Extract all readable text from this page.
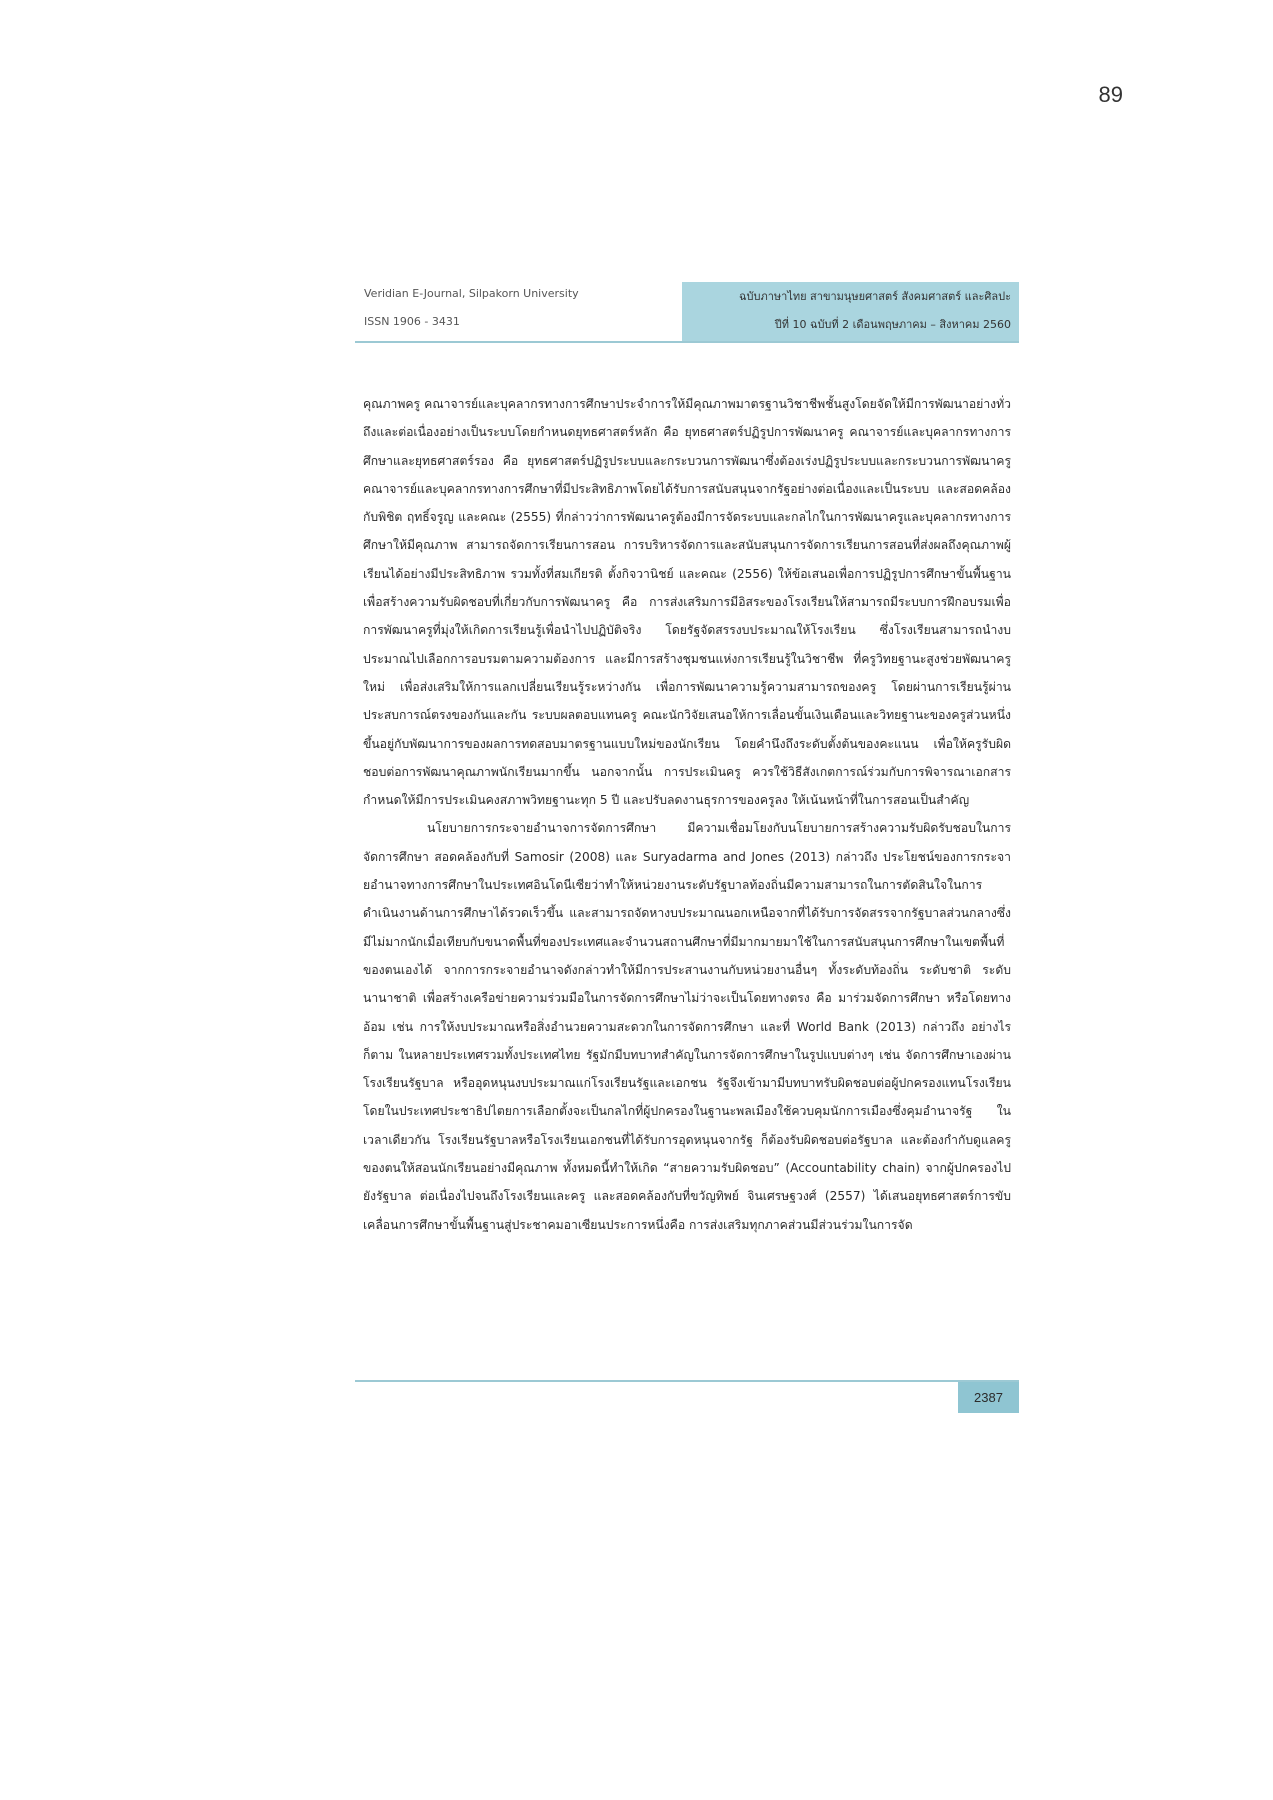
89
Veridian E-Journal, Silpakorn University
ISSN 1906 - 3431
ฉบับภาษาไทย สาขามนุษยศาสตร์ สังคมศาสตร์ และศิลปะ
ปีที่ 10 ฉบับที่ 2 เดือนพฤษภาคม – สิงหาคม 2560

คุณภาพครู คณาจารย์และบุคลากรทางการศึกษาประจำการให้มีคุณภาพมาตรฐานวิชาชีพชั้นสูงโดยจัดให้มีการพัฒนาอย่างทั่วถึงและต่อเนื่องอย่างเป็นระบบโดยกำหนดยุทธศาสตร์หลัก คือ ยุทธศาสตร์ปฏิรูปการพัฒนาครู คณาจารย์และบุคลากรทางการศึกษาและยุทธศาสตร์รอง คือ ยุทธศาสตร์ปฏิรูประบบและกระบวนการพัฒนาซึ่งต้องเร่งปฏิรูประบบและกระบวนการพัฒนาครู คณาจารย์และบุคลากรทางการศึกษาที่มีประสิทธิภาพโดยได้รับการสนับสนุนจากรัฐอย่างต่อเนื่องและเป็นระบบ และสอดคล้องกับพิชิต ฤทธิ์จรูญ และคณะ (2555) ที่กล่าวว่าการพัฒนาครูต้องมีการจัดระบบและกลไกในการพัฒนาครูและบุคลากรทางการศึกษาให้มีคุณภาพ สามารถจัดการเรียนการสอน การบริหารจัดการและสนับสนุนการจัดการเรียนการสอนที่ส่งผลถึงคุณภาพผู้เรียนได้อย่างมีประสิทธิภาพ รวมทั้งที่สมเกียรติ ตั้งกิจวานิชย์ และคณะ (2556) ให้ข้อเสนอเพื่อการปฏิรูปการศึกษาขั้นพื้นฐานเพื่อสร้างความรับผิดชอบที่เกี่ยวกับการพัฒนาครู คือ การส่งเสริมการมีอิสระของโรงเรียนให้สามารถมีระบบการฝึกอบรมเพื่อการพัฒนาครูที่มุ่งให้เกิดการเรียนรู้เพื่อนำไปปฏิบัติจริง โดยรัฐจัดสรรงบประมาณให้โรงเรียน ซึ่งโรงเรียนสามารถนำงบประมาณไปเลือกการอบรมตามความต้องการ และมีการสร้างชุมชนแห่งการเรียนรู้ในวิชาชีพ ที่ครูวิทยฐานะสูงช่วยพัฒนาครูใหม่ เพื่อส่งเสริมให้การแลกเปลี่ยนเรียนรู้ระหว่างกัน เพื่อการพัฒนาความรู้ความสามารถของครู โดยผ่านการเรียนรู้ผ่านประสบการณ์ตรงของกันและกัน ระบบผลตอบแทนครู คณะนักวิจัยเสนอให้การเลื่อนขั้นเงินเดือนและวิทยฐานะของครูส่วนหนึ่งขึ้นอยู่กับพัฒนาการของผลการทดสอบมาตรฐานแบบใหม่ของนักเรียน โดยคำนึงถึงระดับตั้งต้นของคะแนน เพื่อให้ครูรับผิดชอบต่อการพัฒนาคุณภาพนักเรียนมากขึ้น นอกจากนั้น การประเมินครู ควรใช้วิธีสังเกตการณ์ร่วมกับการพิจารณาเอกสาร กำหนดให้มีการประเมินคงสภาพวิทยฐานะทุก 5 ปี และปรับลดงานธุรการของครูลง ให้เน้นหน้าที่ในการสอนเป็นสำคัญ

นโยบายการกระจายอำนาจการจัดการศึกษา มีความเชื่อมโยงกับนโยบายการสร้างความรับผิดรับชอบในการจัดการศึกษา สอดคล้องกับที่ Samosir (2008) และ Suryadarma and Jones (2013) กล่าวถึง ประโยชน์ของการกระจายอำนาจทางการศึกษาในประเทศอินโดนีเซียว่าทำให้หน่วยงานระดับรัฐบาลท้องถิ่นมีความสามารถในการตัดสินใจในการดำเนินงานด้านการศึกษาได้รวดเร็วขึ้น และสามารถจัดหางบประมาณนอกเหนือจากที่ได้รับการจัดสรรจากรัฐบาลส่วนกลางซึ่งมีไม่มากนักเมื่อเทียบกับขนาดพื้นที่ของประเทศและจำนวนสถานศึกษาที่มีมากมายมาใช้ในการสนับสนุนการศึกษาในเขตพื้นที่ของตนเองได้ จากการกระจายอำนาจดังกล่าวทำให้มีการประสานงานกับหน่วยงานอื่นๆ ทั้งระดับท้องถิ่น ระดับชาติ ระดับนานาชาติ เพื่อสร้างเครือข่ายความร่วมมือในการจัดการศึกษาไม่ว่าจะเป็นโดยทางตรง คือ มาร่วมจัดการศึกษา หรือโดยทางอ้อม เช่น การให้งบประมาณหรือสิ่งอำนวยความสะดวกในการจัดการศึกษา และที่ World Bank (2013) กล่าวถึง อย่างไรก็ตาม ในหลายประเทศรวมทั้งประเทศไทย รัฐมักมีบทบาทสำคัญในการจัดการศึกษาในรูปแบบต่างๆ เช่น จัดการศึกษาเองผ่านโรงเรียนรัฐบาล หรืออุดหนุนงบประมาณแก่โรงเรียนรัฐและเอกชน รัฐจึงเข้ามามีบทบาทรับผิดชอบต่อผู้ปกครองแทนโรงเรียน โดยในประเทศประชาธิปไตยการเลือกตั้งจะเป็นกลไกที่ผู้ปกครองในฐานะพลเมืองใช้ควบคุมนักการเมืองซึ่งคุมอำนาจรัฐ ในเวลาเดียวกัน โรงเรียนรัฐบาลหรือโรงเรียนเอกชนที่ได้รับการอุดหนุนจากรัฐ ก็ต้องรับผิดชอบต่อรัฐบาล และต้องกำกับดูแลครูของตนให้สอนนักเรียนอย่างมีคุณภาพ ทั้งหมดนี้ทำให้เกิด “สายความรับผิดชอบ” (Accountability chain) จากผู้ปกครองไปยังรัฐบาล ต่อเนื่องไปจนถึงโรงเรียนและครู และสอดคล้องกับที่ขวัญทิพย์ จินเศรษฐวงศ์ (2557) ได้เสนอยุทธศาสตร์การขับเคลื่อนการศึกษาขั้นพื้นฐานสู่ประชาคมอาเซียนประการหนึ่งคือ การส่งเสริมทุกภาคส่วนมีส่วนร่วมในการจัด

2387
